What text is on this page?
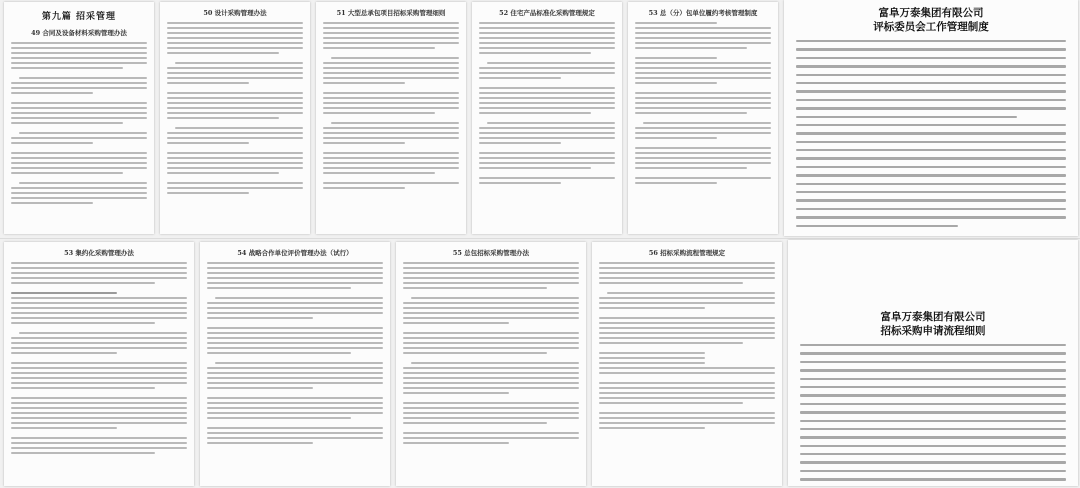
第九篇 招采管理
49 合同及设备材料采购管理办法
50 设计采购管理办法	51 大型总承包项目招标采购管理细则	52 住宅产品标准化采购管理规定	53 总（分）包单位履约考核管理制度	富阜万泰集团有限公司
评标委员会工作管理制度
53 集约化采购管理办法	54 战略合作单位评价管理办法（试行）	55 总包招标采购管理办法	56 招标采购流程管理规定
富阜万泰集团有限公司
招标采购申请流程细则
